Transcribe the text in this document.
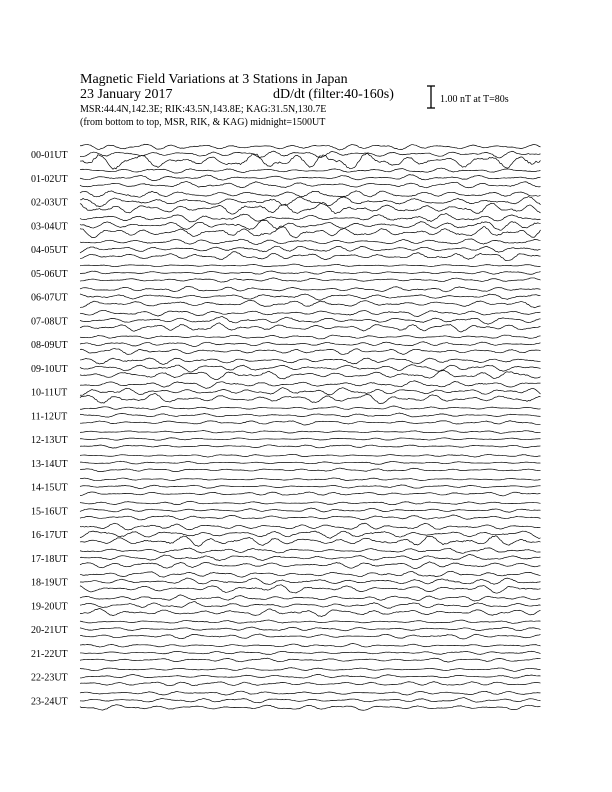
Magnetic Field Variations at 3 Stations in Japan
23 January 2017	dD/dt (filter:40-160s)
MSR:44.4N,142.3E; RIK:43.5N,143.8E; KAG:31.5N,130.7E
(from bottom to top, MSR, RIK, & KAG) midnight=1500UT
1.00 nT at T=80s
00-01UT
01-02UT
02-03UT
03-04UT
04-05UT
05-06UT
06-07UT
07-08UT
08-09UT
09-10UT
10-11UT
11-12UT
12-13UT
13-14UT
14-15UT
15-16UT
16-17UT
17-18UT
18-19UT
19-20UT
20-21UT
21-22UT
22-23UT
23-24UT
